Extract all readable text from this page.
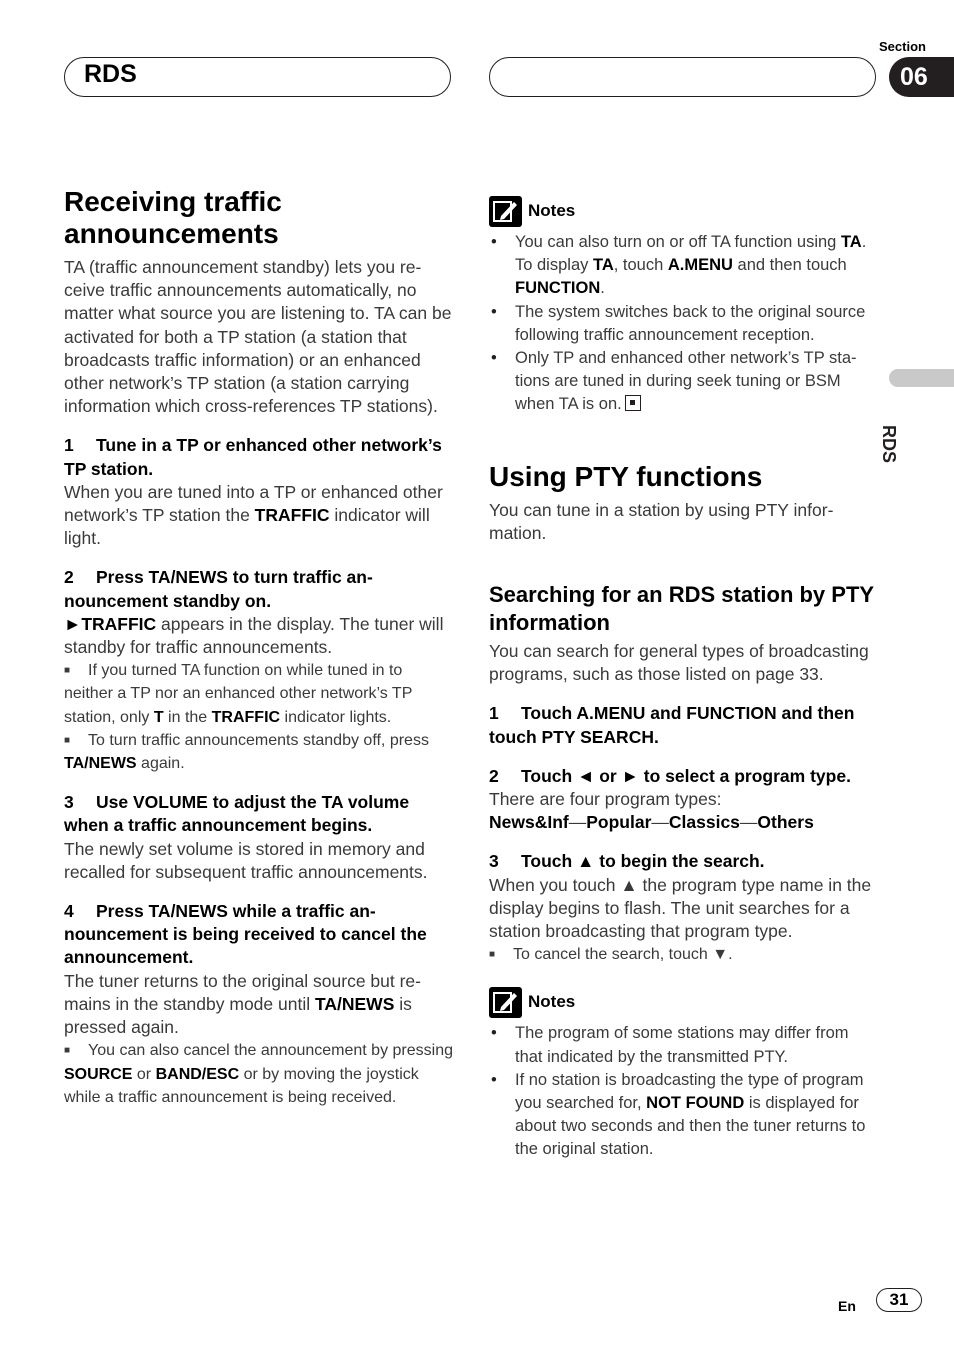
RDS
Section
06
RDS
Receiving traffic announcements

TA (traffic announcement standby) lets you receive traffic announcements automatically, no matter what source you are listening to. TA can be activated for both a TP station (a station that broadcasts traffic information) or an enhanced other network’s TP station (a station carrying information which cross-references TP stations).

1 Tune in a TP or enhanced other network’s TP station.

When you are tuned into a TP or enhanced other network’s TP station the TRAFFIC indicator will light.

2 Press TA/NEWS to turn traffic announcement standby on.

►TRAFFIC appears in the display. The tuner will standby for traffic announcements.

■ If you turned TA function on while tuned in to neither a TP nor an enhanced other network’s TP station, only T in the TRAFFIC indicator lights.
■ To turn traffic announcements standby off, press TA/NEWS again.
3 Use VOLUME to adjust the TA volume when a traffic announcement begins.

The newly set volume is stored in memory and recalled for subsequent traffic announcements.

4 Press TA/NEWS while a traffic announcement is being received to cancel the announcement.

The tuner returns to the original source but remains in the standby mode until TA/NEWS is pressed again.

■ You can also cancel the announcement by pressing SOURCE or BAND/ESC or by moving the joystick while a traffic announcement is being received.
Notes
• You can also turn on or off TA function using TA. To display TA, touch A.MENU and then touch FUNCTION.
• The system switches back to the original source following traffic announcement reception.
• Only TP and enhanced other network’s TP stations are tuned in during seek tuning or BSM when TA is on.
Using PTY functions

You can tune in a station by using PTY information.

Searching for an RDS station by PTY information

You can search for general types of broadcasting programs, such as those listed on page 33.

1 Touch A.MENU and FUNCTION and then touch PTY SEARCH.
2 Touch ◄ or ► to select a program type.

There are four program types:

News&Inf—Popular—Classics—Others

3 Touch ▲ to begin the search.

When you touch ▲ the program type name in the display begins to flash. The unit searches for a station broadcasting that program type.

■ To cancel the search, touch ▼.
Notes
• The program of some stations may differ from that indicated by the transmitted PTY.
• If no station is broadcasting the type of program you searched for, NOT FOUND is displayed for about two seconds and then the tuner returns to the original station.
En	31
